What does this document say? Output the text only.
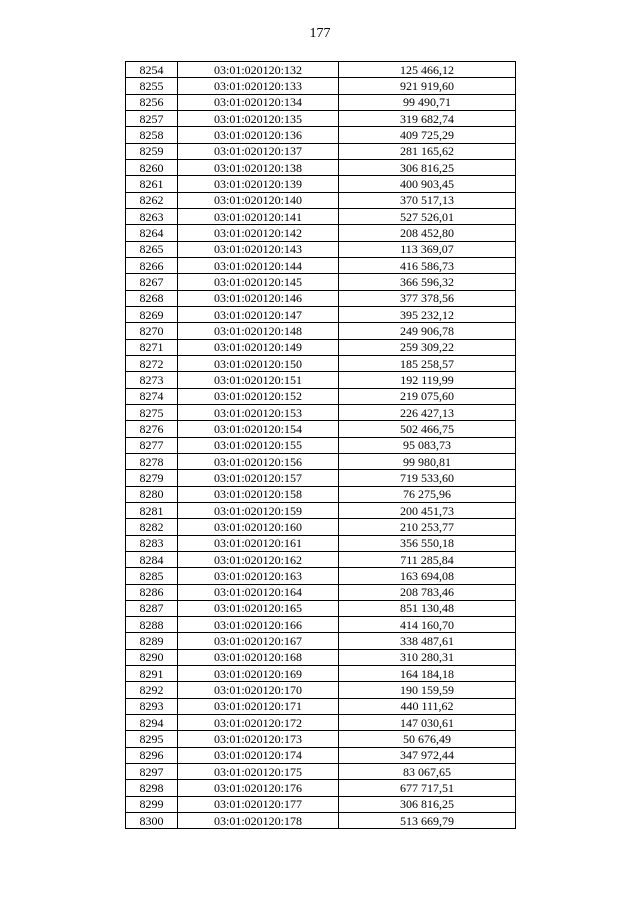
177
8254	03:01:020120:132	125 466,12
8255	03:01:020120:133	921 919,60
8256	03:01:020120:134	99 490,71
8257	03:01:020120:135	319 682,74
8258	03:01:020120:136	409 725,29
8259	03:01:020120:137	281 165,62
8260	03:01:020120:138	306 816,25
8261	03:01:020120:139	400 903,45
8262	03:01:020120:140	370 517,13
8263	03:01:020120:141	527 526,01
8264	03:01:020120:142	208 452,80
8265	03:01:020120:143	113 369,07
8266	03:01:020120:144	416 586,73
8267	03:01:020120:145	366 596,32
8268	03:01:020120:146	377 378,56
8269	03:01:020120:147	395 232,12
8270	03:01:020120:148	249 906,78
8271	03:01:020120:149	259 309,22
8272	03:01:020120:150	185 258,57
8273	03:01:020120:151	192 119,99
8274	03:01:020120:152	219 075,60
8275	03:01:020120:153	226 427,13
8276	03:01:020120:154	502 466,75
8277	03:01:020120:155	95 083,73
8278	03:01:020120:156	99 980,81
8279	03:01:020120:157	719 533,60
8280	03:01:020120:158	76 275,96
8281	03:01:020120:159	200 451,73
8282	03:01:020120:160	210 253,77
8283	03:01:020120:161	356 550,18
8284	03:01:020120:162	711 285,84
8285	03:01:020120:163	163 694,08
8286	03:01:020120:164	208 783,46
8287	03:01:020120:165	851 130,48
8288	03:01:020120:166	414 160,70
8289	03:01:020120:167	338 487,61
8290	03:01:020120:168	310 280,31
8291	03:01:020120:169	164 184,18
8292	03:01:020120:170	190 159,59
8293	03:01:020120:171	440 111,62
8294	03:01:020120:172	147 030,61
8295	03:01:020120:173	50 676,49
8296	03:01:020120:174	347 972,44
8297	03:01:020120:175	83 067,65
8298	03:01:020120:176	677 717,51
8299	03:01:020120:177	306 816,25
8300	03:01:020120:178	513 669,79
